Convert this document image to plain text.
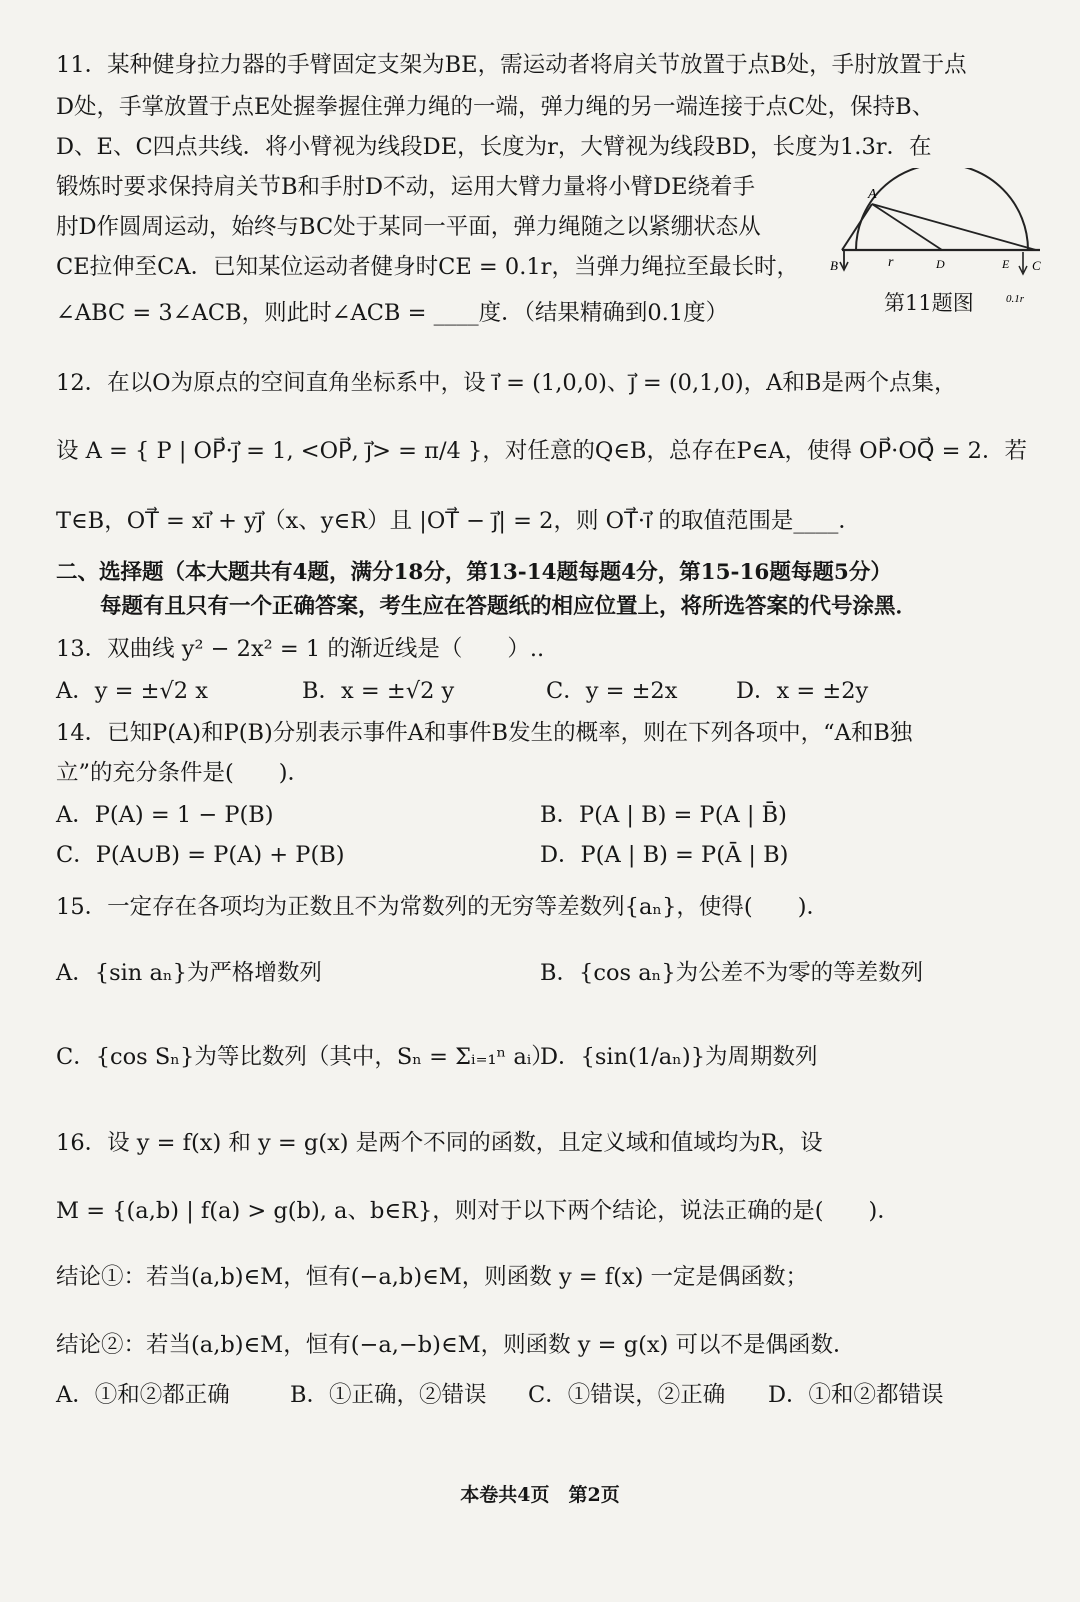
11．某种健身拉力器的手臂固定支架为BE，需运动者将肩关节放置于点B处，手肘放置于点
D处，手掌放置于点E处握拳握住弹力绳的一端，弹力绳的另一端连接于点C处，保持B、
D、E、C四点共线．将小臂视为线段DE，长度为r，大臂视为线段BD，长度为1.3r．在
锻炼时要求保持肩关节B和手肘D不动，运用大臂力量将小臂DE绕着手
肘D作圆周运动，始终与BC处于某同一平面，弹力绳随之以紧绷状态从
CE拉伸至CA．已知某位运动者健身时CE = 0.1r，当弹力绳拉至最长时，
∠ABC = 3∠ACB，则此时∠ACB = ____度．（结果精确到0.1度）
A
B	r	D	E C
0.1r
第11题图
12．在以O为原点的空间直角坐标系中，设 i⃗ = (1,0,0)、j⃗ = (0,1,0)，A和B是两个点集，
设 A = { P | OP⃗·j⃗ = 1, <OP⃗, j⃗> = π/4 }，对任意的Q∈B，总存在P∈A，使得 OP⃗·OQ⃗ = 2．若
T∈B，OT⃗ = xi⃗ + yj⃗（x、y∈R）且 |OT⃗ − j⃗| = 2，则 OT⃗·i⃗ 的取值范围是____．
二、选择题（本大题共有4题，满分18分，第13-14题每题4分，第15-16题每题5分）
每题有且只有一个正确答案，考生应在答题纸的相应位置上，将所选答案的代号涂黑．
13．双曲线 y² − 2x² = 1 的渐近线是（　　）..
A．y = ±√2 x	B．x = ±√2 y	C．y = ±2x	D．x = ±2y
14．已知P(A)和P(B)分别表示事件A和事件B发生的概率，则在下列各项中，“A和B独
立”的充分条件是(　　)．
A．P(A) = 1 − P(B)	B．P(A | B) = P(A | B̄)
C．P(A∪B) = P(A) + P(B)	D．P(A | B) = P(Ā | B)
15．一定存在各项均为正数且不为常数列的无穷等差数列{aₙ}，使得(　　)．
A．{sin aₙ}为严格增数列	B．{cos aₙ}为公差不为零的等差数列
C．{cos Sₙ}为等比数列（其中，Sₙ = Σᵢ₌₁ⁿ aᵢ）
D．{sin(1/aₙ)}为周期数列
16．设 y = f(x) 和 y = g(x) 是两个不同的函数，且定义域和值域均为R，设
M = {(a,b) | f(a) > g(b), a、b∈R}，则对于以下两个结论，说法正确的是(　　)．
结论①：若当(a,b)∈M，恒有(−a,b)∈M，则函数 y = f(x) 一定是偶函数；
结论②：若当(a,b)∈M，恒有(−a,−b)∈M，则函数 y = g(x) 可以不是偶函数．
A．①和②都正确	B．①正确，②错误 C．①错误，②正确 D．①和②都错误
本卷共4页　第2页
